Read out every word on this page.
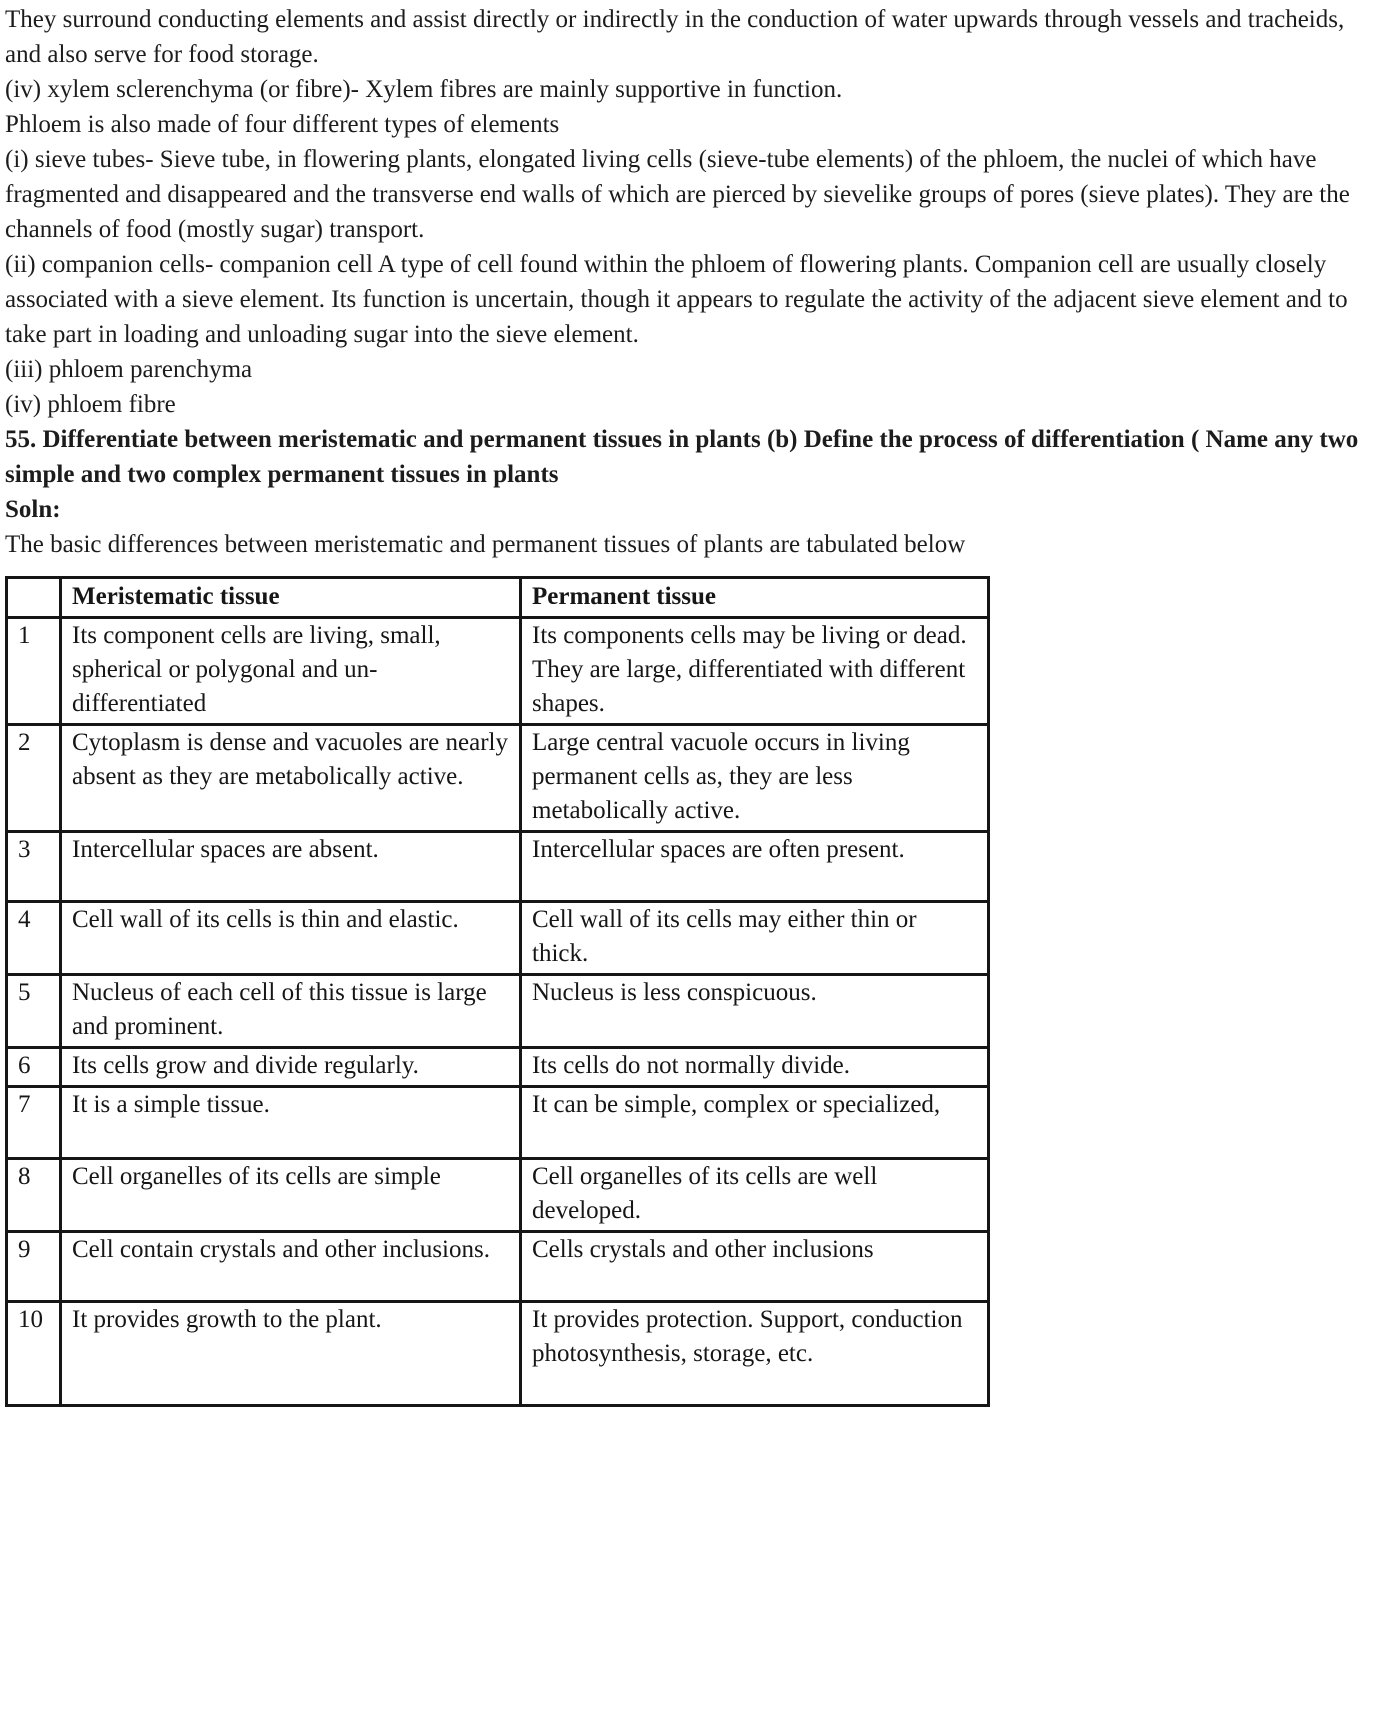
They surround conducting elements and assist directly or indirectly in the conduction of water upwards through vessels and tracheids, and also serve for food storage.

(iv) xylem sclerenchyma (or fibre)- Xylem fibres are mainly supportive in function.

Phloem is also made of four different types of elements
(i) sieve tubes- Sieve tube, in flowering plants, elongated living cells (sieve-tube elements) of the phloem, the nuclei of which have fragmented and disappeared and the transverse end walls of which are pierced by sievelike groups of pores (sieve plates). They are the channels of food (mostly sugar) transport.

(ii) companion cells- companion cell A type of cell found within the phloem of flowering plants. Companion cell are usually closely associated with a sieve element. Its function is uncertain, though it appears to regulate the activity of the adjacent sieve element and to take part in loading and unloading sugar into the sieve element.

(iii) phloem parenchyma

(iv) phloem fibre

55. Differentiate between meristematic and permanent tissues in plants (b) Define the process of differentiation ( Name any two simple and two complex permanent tissues in plants

Soln:

The basic differences between meristematic and permanent tissues of plants are tabulated below

	Meristematic tissue	Permanent tissue
1	Its component cells are living, small, spherical or polygonal and un-differentiated	Its components cells may be living or dead. They are large, differentiated with different shapes.
2	Cytoplasm is dense and vacuoles are nearly absent as they are metabolically active.	Large central vacuole occurs in living permanent cells as, they are less metabolically active.
3	Intercellular spaces are absent.	Intercellular spaces are often present.
4	Cell wall of its cells is thin and elastic.	Cell wall of its cells may either thin or thick.
5	Nucleus of each cell of this tissue is large and prominent.	Nucleus is less conspicuous.
6	Its cells grow and divide regularly.	Its cells do not normally divide.
7	It is a simple tissue.	It can be simple, complex or specialized,
8	Cell organelles of its cells are simple	Cell organelles of its cells are well developed.
9	Cell contain crystals and other inclusions.	Cells crystals and other inclusions
10	It provides growth to the plant.	It provides protection. Support, conduction photosynthesis, storage, etc.
